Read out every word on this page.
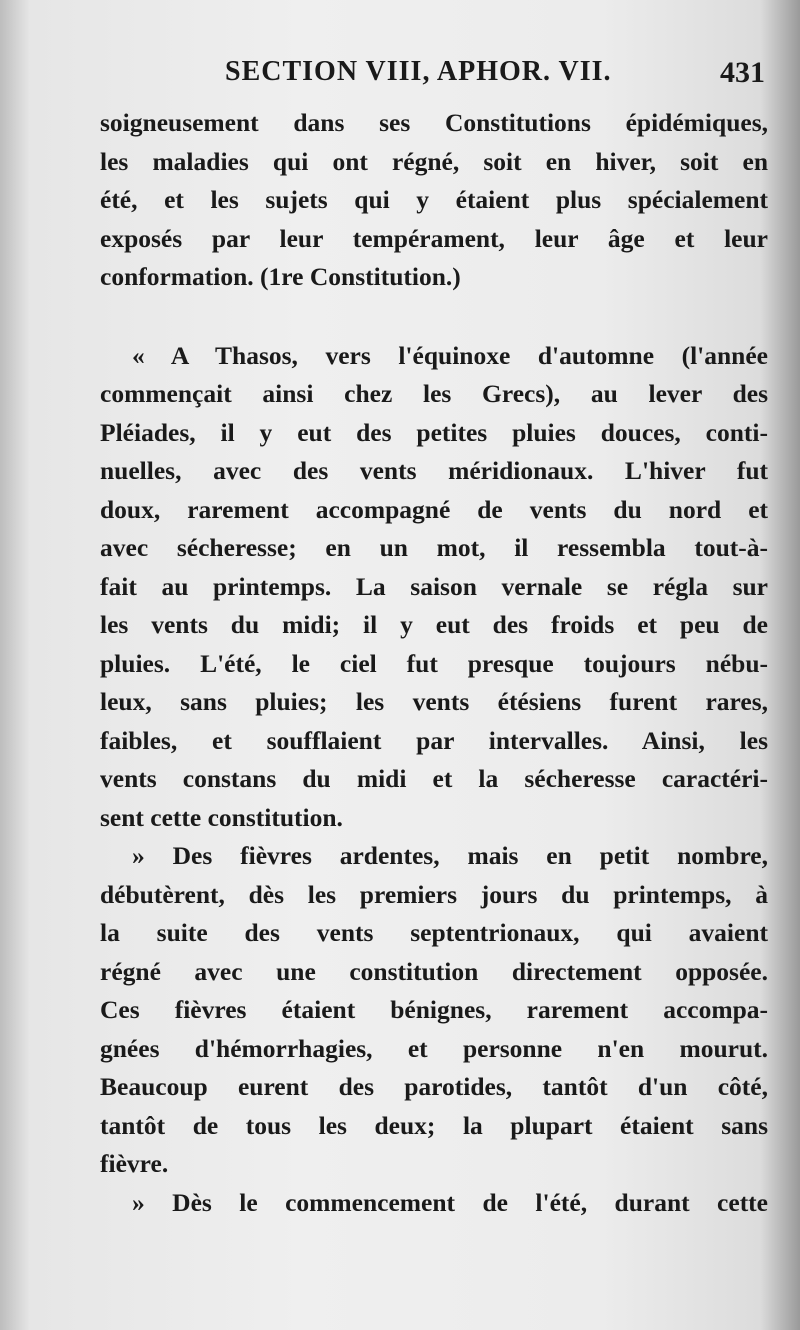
SECTION VIII, APHOR. VII.	431
soigneusement dans ses Constitutions épidémiques,
les maladies qui ont régné, soit en hiver, soit en
été, et les sujets qui y étaient plus spécialement
exposés par leur tempérament, leur âge et leur
conformation. (1re Constitution.)
« A Thasos, vers l'équinoxe d'automne (l'année
commençait ainsi chez les Grecs), au lever des
Pléiades, il y eut des petites pluies douces, conti-
nuelles, avec des vents méridionaux. L'hiver fut
doux, rarement accompagné de vents du nord et
avec sécheresse; en un mot, il ressembla tout-à-
fait au printemps. La saison vernale se régla sur
les vents du midi; il y eut des froids et peu de
pluies. L'été, le ciel fut presque toujours nébu-
leux, sans pluies; les vents étésiens furent rares,
faibles, et soufflaient par intervalles. Ainsi, les
vents constans du midi et la sécheresse caractéri-
sent cette constitution.
» Des fièvres ardentes, mais en petit nombre,
débutèrent, dès les premiers jours du printemps, à
la suite des vents septentrionaux, qui avaient
régné avec une constitution directement opposée.
Ces fièvres étaient bénignes, rarement accompa-
gnées d'hémorrhagies, et personne n'en mourut.
Beaucoup eurent des parotides, tantôt d'un côté,
tantôt de tous les deux; la plupart étaient sans
fièvre.
» Dès le commencement de l'été, durant cette
